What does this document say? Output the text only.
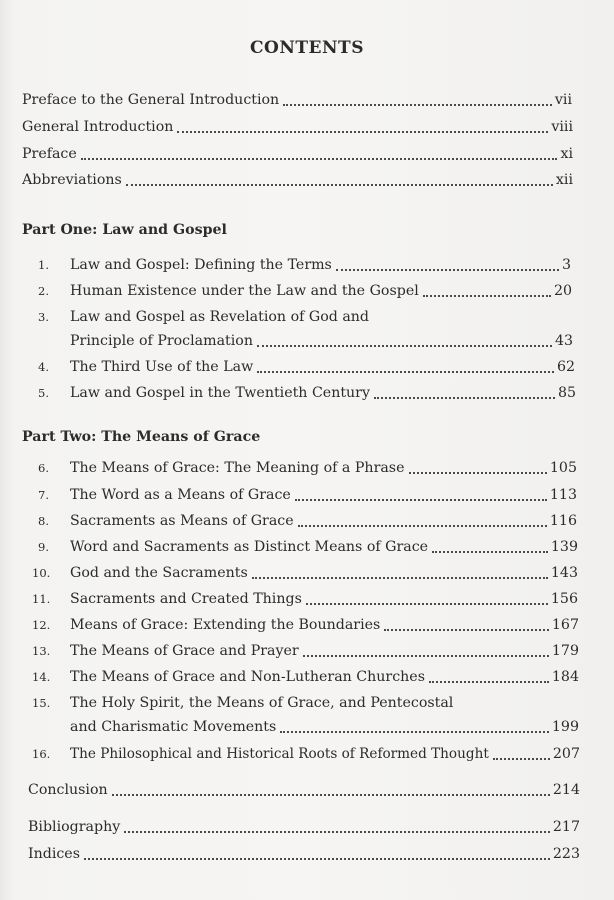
CONTENTS
Preface to the General Introduction	vii
General Introduction	viii
Preface	xi
Abbreviations	xii
Part One: Law and Gospel
1. Law and Gospel: Defining the Terms	3
2. Human Existence under the Law and the Gospel	20
3. Law and Gospel as Revelation of God and
Principle of Proclamation	43
4. The Third Use of the Law	62
5. Law and Gospel in the Twentieth Century	85
Part Two: The Means of Grace
6. The Means of Grace: The Meaning of a Phrase	105
7. The Word as a Means of Grace	113
8. Sacraments as Means of Grace	116
9. Word and Sacraments as Distinct Means of Grace	139
10. God and the Sacraments	143
11. Sacraments and Created Things	156
12. Means of Grace: Extending the Boundaries	167
13. The Means of Grace and Prayer	179
14. The Means of Grace and Non-Lutheran Churches	184
15. The Holy Spirit, the Means of Grace, and Pentecostal
and Charismatic Movements	199
16. The Philosophical and Historical Roots of Reformed Thought	207
Conclusion	214
Bibliography	217
Indices	223
